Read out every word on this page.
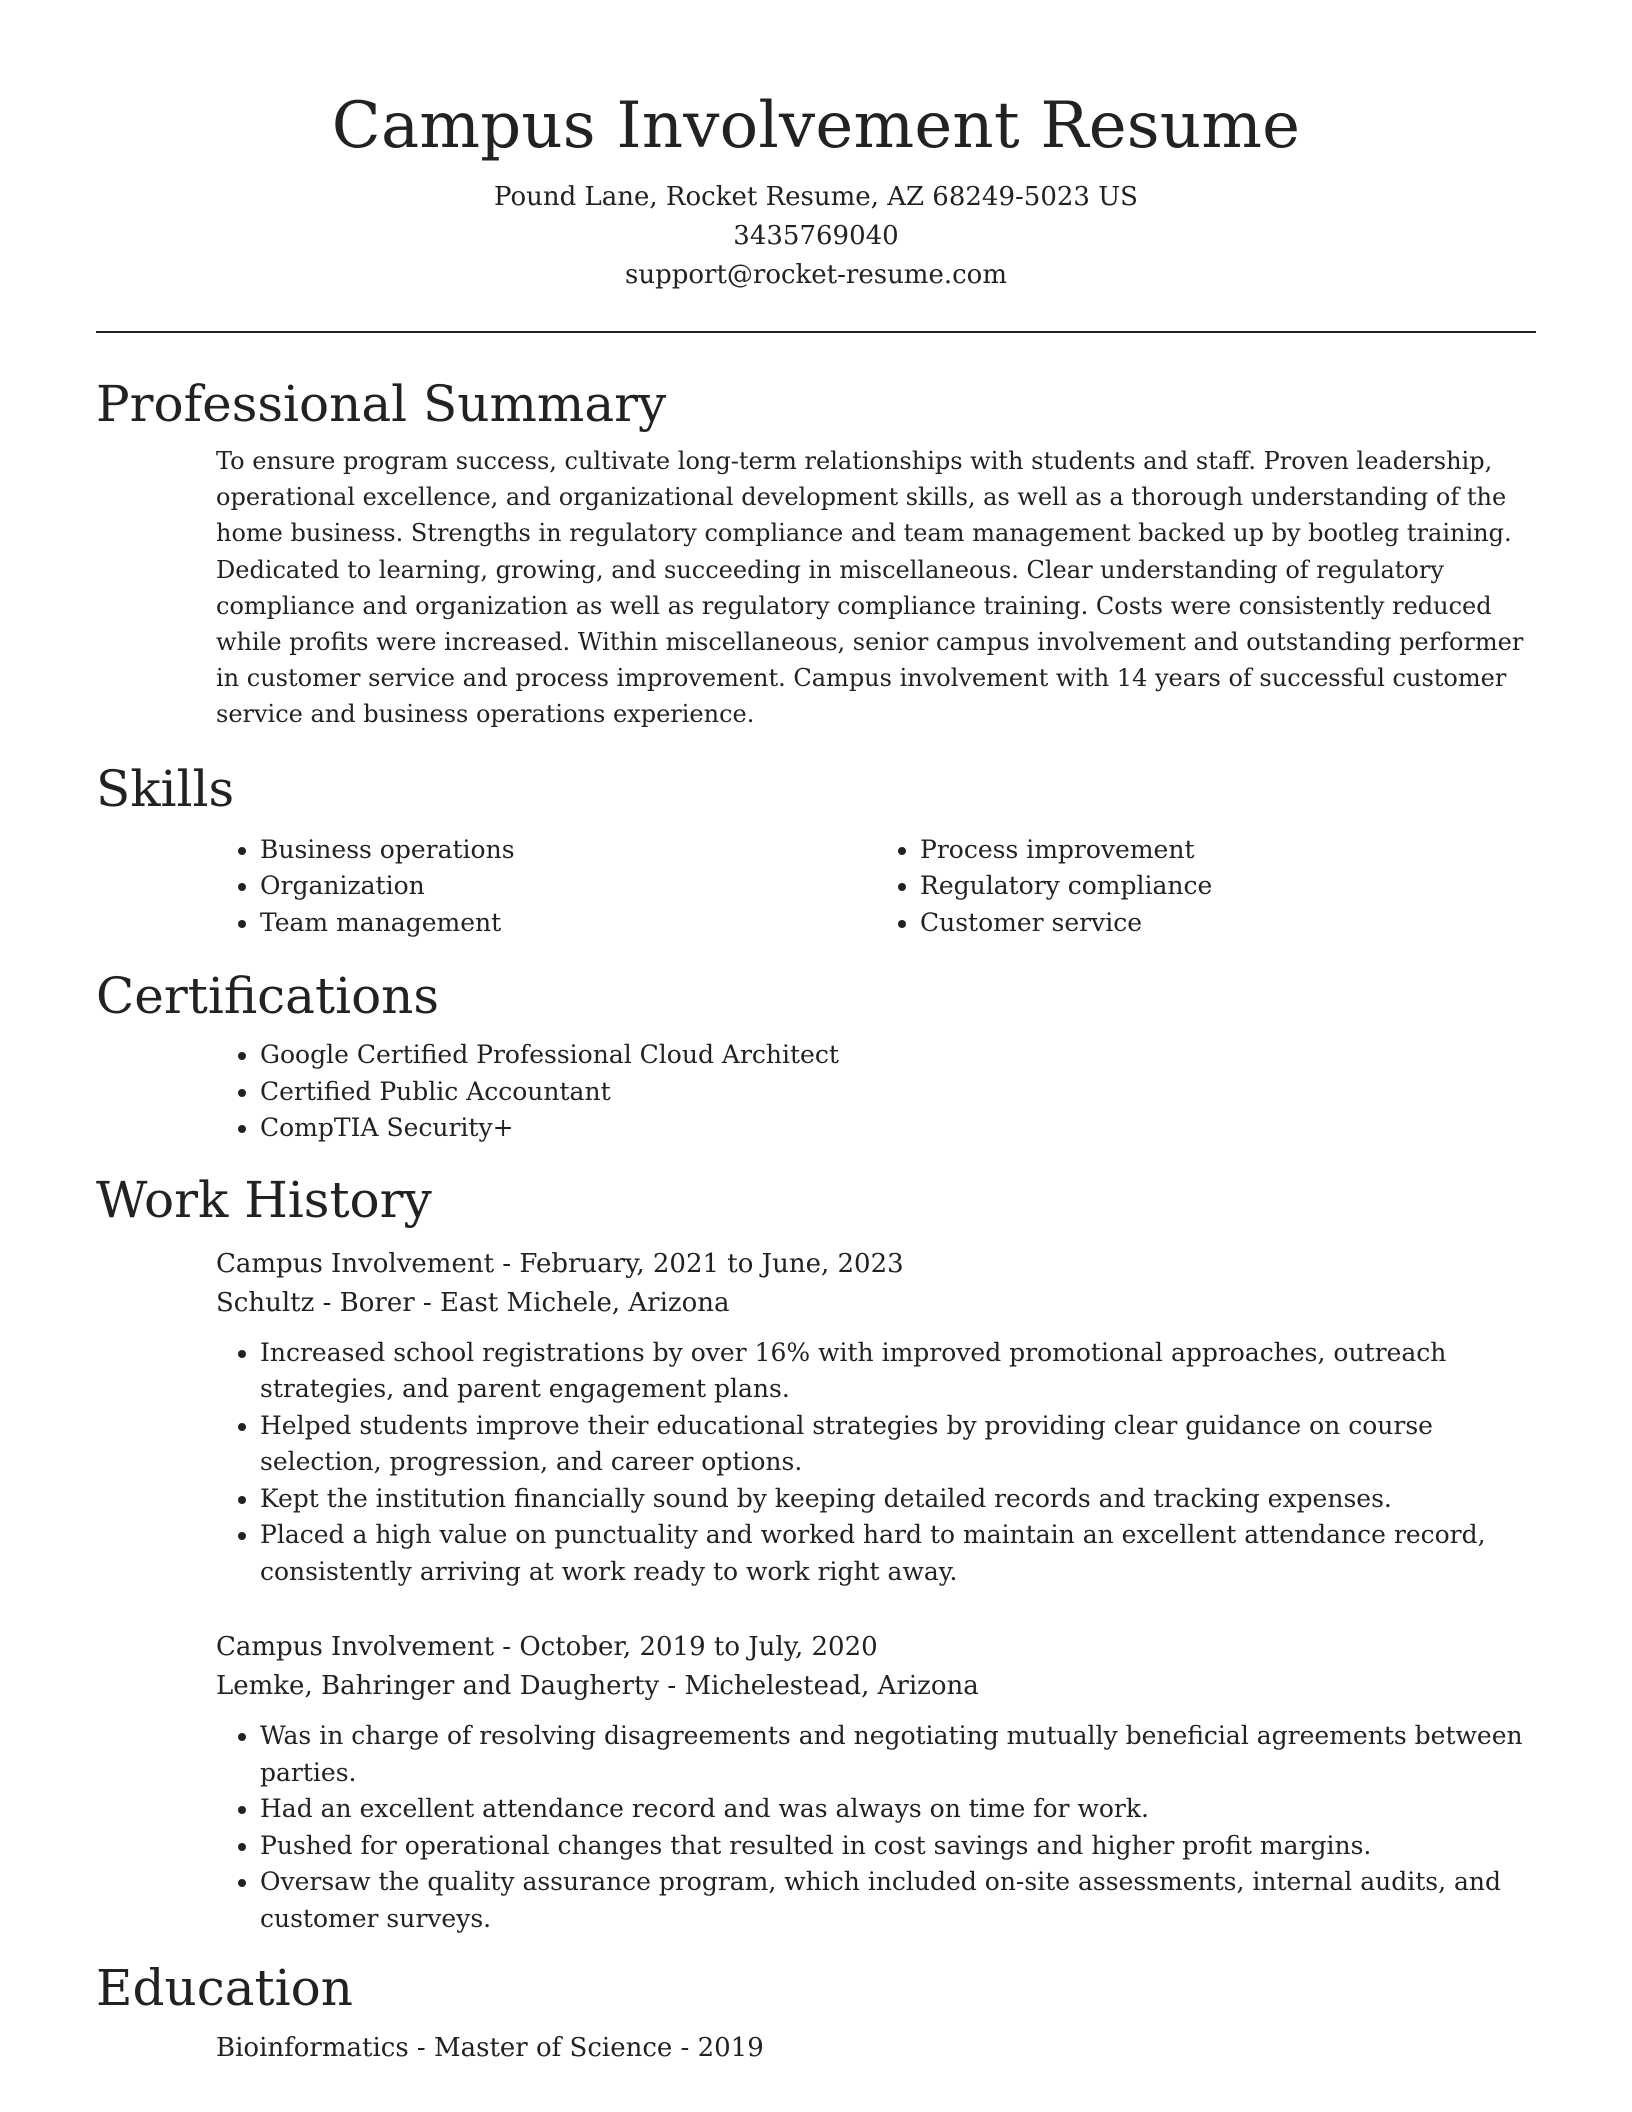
Campus Involvement Resume
Pound Lane, Rocket Resume, AZ 68249-5023 US
3435769040
support@rocket-resume.com
Professional Summary
To ensure program success, cultivate long-term relationships with students and staff. Proven leadership, operational excellence, and organizational development skills, as well as a thorough understanding of the home business. Strengths in regulatory compliance and team management backed up by bootleg training. Dedicated to learning, growing, and succeeding in miscellaneous. Clear understanding of regulatory compliance and organization as well as regulatory compliance training. Costs were consistently reduced while profits were increased. Within miscellaneous, senior campus involvement and outstanding performer in customer service and process improvement. Campus involvement with 14 years of successful customer service and business operations experience.
Skills
• Business operations
• Organization
• Team management
• Process improvement
• Regulatory compliance
• Customer service
Certifications
• Google Certified Professional Cloud Architect
• Certified Public Accountant
• CompTIA Security+
Work History
Campus Involvement - February, 2021 to June, 2023
Schultz - Borer - East Michele, Arizona
• Increased school registrations by over 16% with improved promotional approaches, outreach strategies, and parent engagement plans.
• Helped students improve their educational strategies by providing clear guidance on course selection, progression, and career options.
• Kept the institution financially sound by keeping detailed records and tracking expenses.
• Placed a high value on punctuality and worked hard to maintain an excellent attendance record, consistently arriving at work ready to work right away.
Campus Involvement - October, 2019 to July, 2020
Lemke, Bahringer and Daugherty - Michelestead, Arizona
• Was in charge of resolving disagreements and negotiating mutually beneficial agreements between parties.
• Had an excellent attendance record and was always on time for work.
• Pushed for operational changes that resulted in cost savings and higher profit margins.
• Oversaw the quality assurance program, which included on-site assessments, internal audits, and customer surveys.
Education
Bioinformatics - Master of Science - 2019
